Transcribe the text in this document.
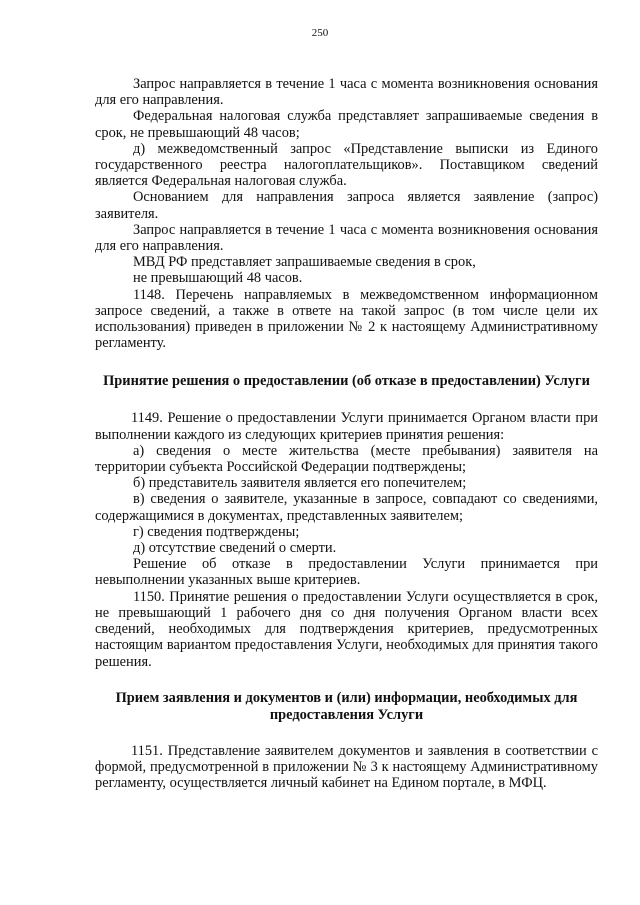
250

Запрос направляется в течение 1 часа с момента возникновения основания для его направления.

Федеральная налоговая служба представляет запрашиваемые сведения в срок, не превышающий 48 часов;

д) межведомственный запрос «Представление выписки из Единого государственного реестра налогоплательщиков». Поставщиком сведений является Федеральная налоговая служба.

Основанием для направления запроса является заявление (запрос) заявителя.

Запрос направляется в течение 1 часа с момента возникновения основания для его направления.

МВД РФ представляет запрашиваемые сведения в срок,

не превышающий 48 часов.

1148. Перечень направляемых в межведомственном информационном запросе сведений, а также в ответе на такой запрос (в том числе цели их использования) приведен в приложении № 2 к настоящему Административному регламенту.

Принятие решения о предоставлении (об отказе в предоставлении) Услуги

1149. Решение о предоставлении Услуги принимается Органом власти при выполнении каждого из следующих критериев принятия решения:

а) сведения о месте жительства (месте пребывания) заявителя на территории субъекта Российской Федерации подтверждены;

б) представитель заявителя является его попечителем;

в) сведения о заявителе, указанные в запросе, совпадают со сведениями, содержащимися в документах, представленных заявителем;

г) сведения подтверждены;

д) отсутствие сведений о смерти.

Решение об отказе в предоставлении Услуги принимается при невыполнении указанных выше критериев.

1150. Принятие решения о предоставлении Услуги осуществляется в срок, не превышающий 1 рабочего дня со дня получения Органом власти всех сведений, необходимых для подтверждения критериев, предусмотренных настоящим вариантом предоставления Услуги, необходимых для принятия такого решения.

Прием заявления и документов и (или) информации, необходимых для предоставления Услуги

1151. Представление заявителем документов и заявления в соответствии с формой, предусмотренной в приложении № 3 к настоящему Административному регламенту, осуществляется личный кабинет на Едином портале, в МФЦ.
